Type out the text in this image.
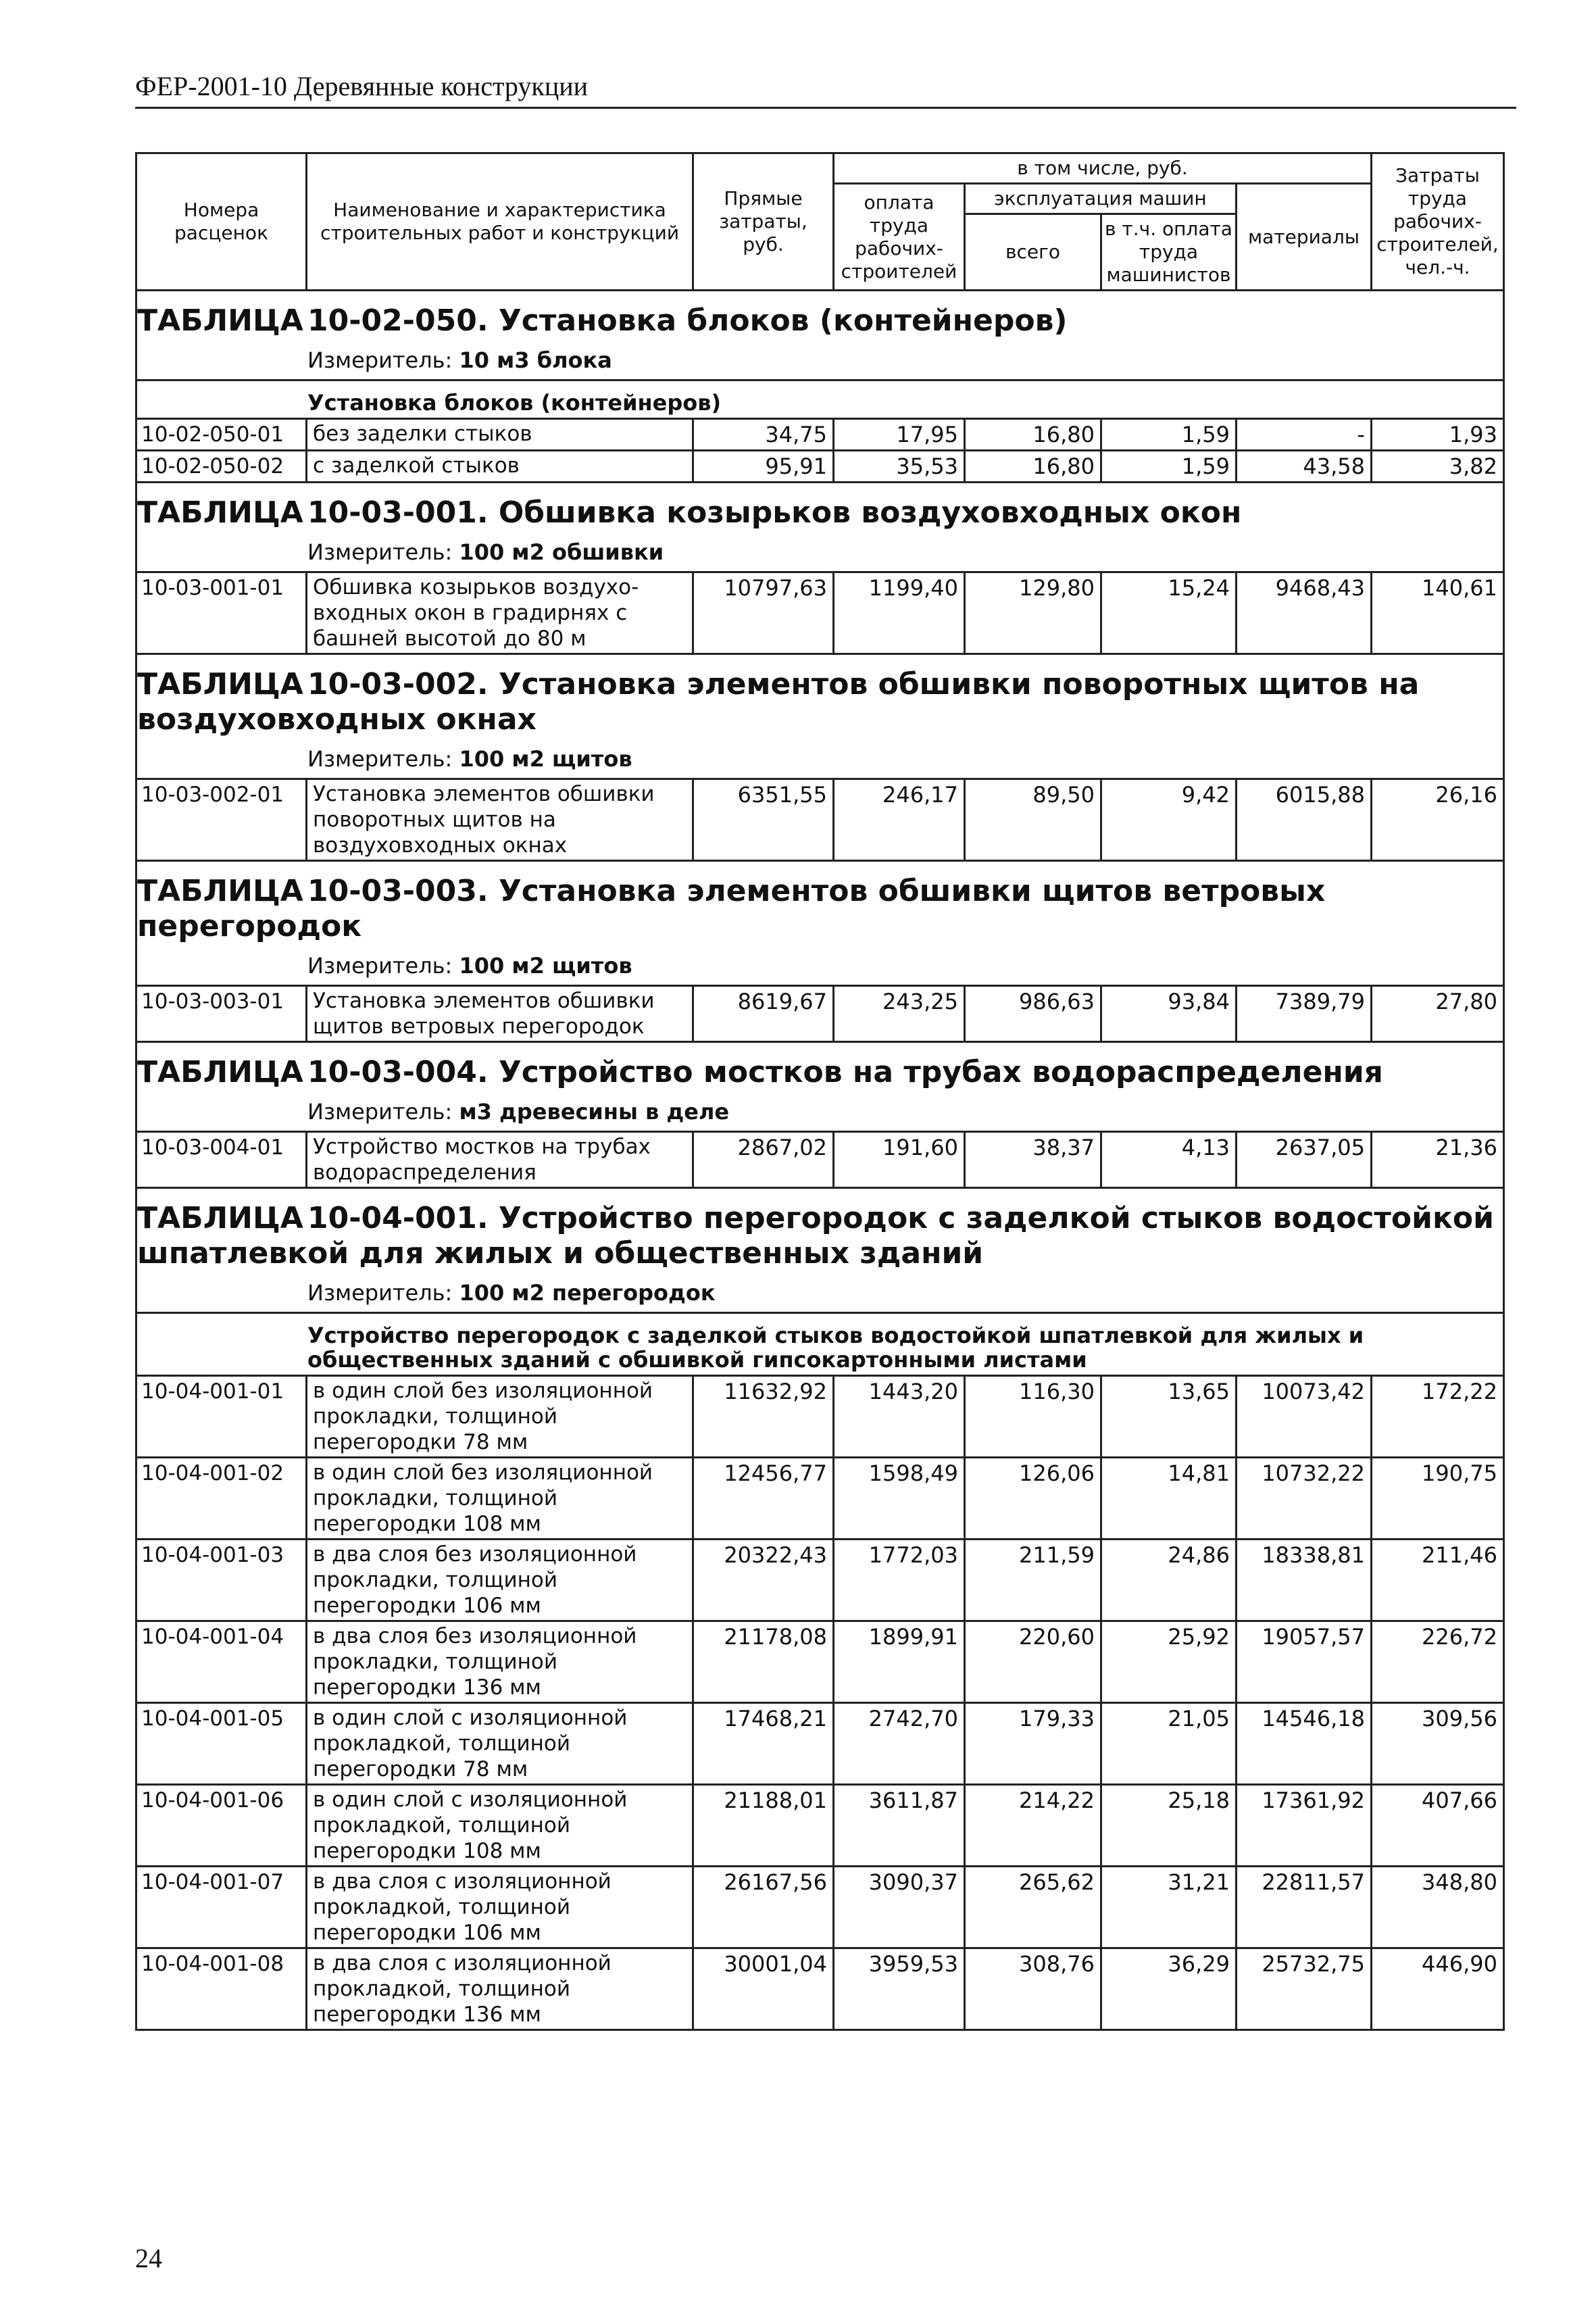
ФЕР-2001-10 Деревянные конструкции
Номера расценок	Наименование и характеристика строительных работ и конструкций	Прямые затраты, руб.	в том числе, руб.				Затраты труда рабочих-строителей, чел.-ч.
			оплата труда рабочих-строителей	эксплуатация машин		материалы	
				всего	в т.ч. оплата труда машинистов		
ТАБЛИЦА 10-02-050. Установка блоков (контейнеров)							
Измеритель: 10 м3 блока							
Установка блоков (контейнеров)							
10-02-050-01	без заделки стыков	34,75	17,95	16,80	1,59	-	1,93
10-02-050-02	с заделкой стыков	95,91	35,53	16,80	1,59	43,58	3,82
ТАБЛИЦА 10-03-001. Обшивка козырьков воздуховходных окон							
Измеритель: 100 м2 обшивки							
10-03-001-01	Обшивка козырьков воздухо-входных окон в градирнях с башней высотой до 80 м	10797,63	1199,40	129,80	15,24	9468,43	140,61
ТАБЛИЦА 10-03-002. Установка элементов обшивки поворотных щитов на воздуховходных окнах							
Измеритель: 100 м2 щитов							
10-03-002-01	Установка элементов обшивки поворотных щитов на воздуховходных окнах	6351,55	246,17	89,50	9,42	6015,88	26,16
ТАБЛИЦА 10-03-003. Установка элементов обшивки щитов ветровых перегородок							
Измеритель: 100 м2 щитов							
10-03-003-01	Установка элементов обшивки щитов ветровых перегородок	8619,67	243,25	986,63	93,84	7389,79	27,80
ТАБЛИЦА 10-03-004. Устройство мостков на трубах водораспределения							
Измеритель: м3 древесины в деле							
10-03-004-01	Устройство мостков на трубах водораспределения	2867,02	191,60	38,37	4,13	2637,05	21,36
ТАБЛИЦА 10-04-001. Устройство перегородок с заделкой стыков водостойкой шпатлевкой для жилых и общественных зданий							
Измеритель: 100 м2 перегородок							
Устройство перегородок с заделкой стыков водостойкой шпатлевкой для жилых и общественных зданий с обшивкой гипсокартонными листами							
10-04-001-01	в один слой без изоляционной прокладки, толщиной перегородки 78 мм	11632,92	1443,20	116,30	13,65	10073,42	172,22
10-04-001-02	в один слой без изоляционной прокладки, толщиной перегородки 108 мм	12456,77	1598,49	126,06	14,81	10732,22	190,75
10-04-001-03	в два слоя без изоляционной прокладки, толщиной перегородки 106 мм	20322,43	1772,03	211,59	24,86	18338,81	211,46
10-04-001-04	в два слоя без изоляционной прокладки, толщиной перегородки 136 мм	21178,08	1899,91	220,60	25,92	19057,57	226,72
10-04-001-05	в один слой с изоляционной прокладкой, толщиной перегородки 78 мм	17468,21	2742,70	179,33	21,05	14546,18	309,56
10-04-001-06	в один слой с изоляционной прокладкой, толщиной перегородки 108 мм	21188,01	3611,87	214,22	25,18	17361,92	407,66
10-04-001-07	в два слоя с изоляционной прокладкой, толщиной перегородки 106 мм	26167,56	3090,37	265,62	31,21	22811,57	348,80
10-04-001-08	в два слоя с изоляционной прокладкой, толщиной перегородки 136 мм	30001,04	3959,53	308,76	36,29	25732,75	446,90
24
